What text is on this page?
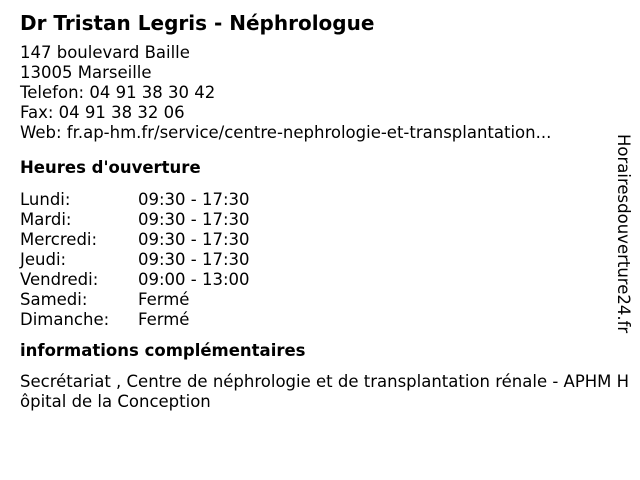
Dr Tristan Legris - Néphrologue
147 boulevard Baille
13005 Marseille
Telefon: 04 91 38 30 42
Fax: 04 91 38 32 06
Web: fr.ap-hm.fr/service/centre-nephrologie-et-transplantation...
Heures d'ouverture
Lundi:	09:30 - 17:30
Mardi:	09:30 - 17:30
Mercredi:	09:30 - 17:30
Jeudi:	09:30 - 17:30
Vendredi:	09:00 - 13:00
Samedi:	Fermé
Dimanche:	Fermé
informations complémentaires
Secrétariat , Centre de néphrologie et de transplantation rénale - APHM Hôpital de la Conception
Horairesdouverture24.fr
